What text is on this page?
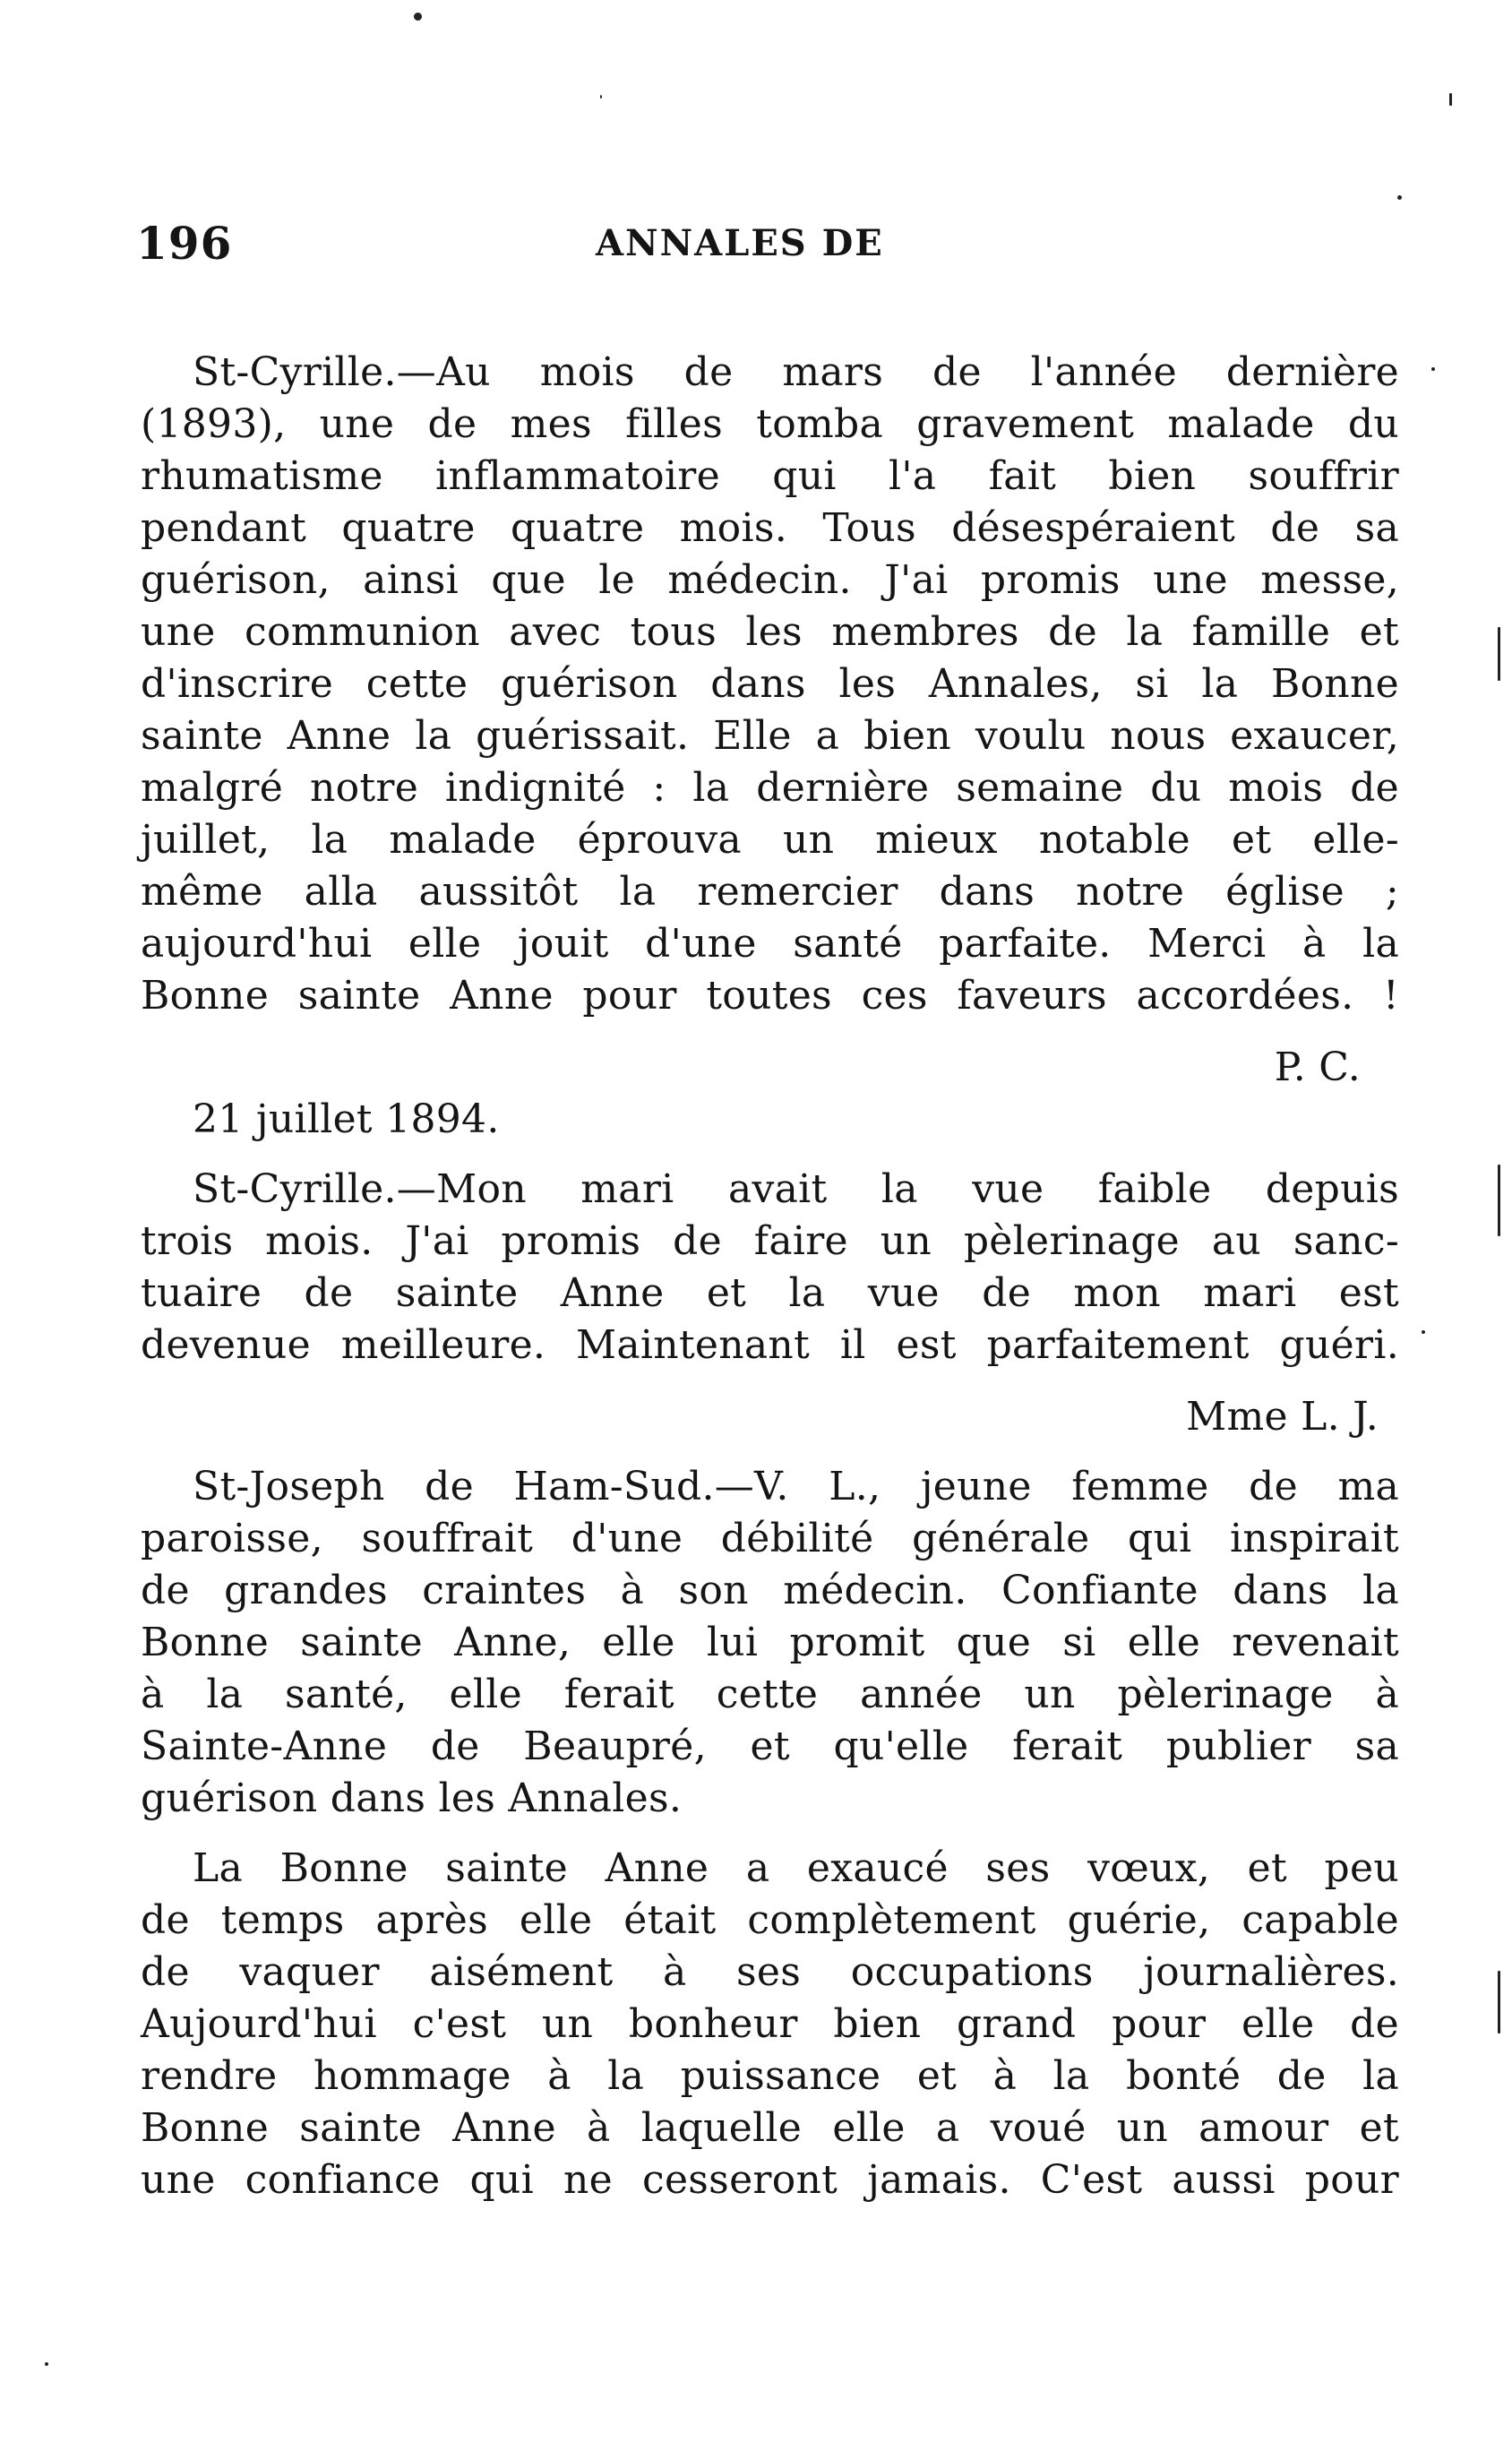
196	ANNALES DE
St-Cyrille.—Au mois de mars de l'année dernière
(1893), une de mes filles tomba gravement malade du
rhumatisme inflammatoire qui l'a fait bien souffrir
pendant quatre quatre mois. Tous désespéraient de sa
guérison, ainsi que le médecin. J'ai promis une messe,
une communion avec tous les membres de la famille et
d'inscrire cette guérison dans les Annales, si la Bonne
sainte Anne la guérissait. Elle a bien voulu nous exaucer,
malgré notre indignité : la dernière semaine du mois de
juillet, la malade éprouva un mieux notable et elle-
même alla aussitôt la remercier dans notre église ;
aujourd'hui elle jouit d'une santé parfaite. Merci à la
Bonne sainte Anne pour toutes ces faveurs accordées. !
P. C.
21 juillet 1894.
St-Cyrille.—Mon mari avait la vue faible depuis
trois mois. J'ai promis de faire un pèlerinage au sanc-
tuaire de sainte Anne et la vue de mon mari est
devenue meilleure. Maintenant il est parfaitement guéri.
Mme L. J.
St-Joseph de Ham-Sud.—V. L., jeune femme de ma
paroisse, souffrait d'une débilité générale qui inspirait
de grandes craintes à son médecin. Confiante dans la
Bonne sainte Anne, elle lui promit que si elle revenait
à la santé, elle ferait cette année un pèlerinage à
Sainte-Anne de Beaupré, et qu'elle ferait publier sa
guérison dans les Annales.
La Bonne sainte Anne a exaucé ses vœux, et peu
de temps après elle était complètement guérie, capable
de vaquer aisément à ses occupations journalières.
Aujourd'hui c'est un bonheur bien grand pour elle de
rendre hommage à la puissance et à la bonté de la
Bonne sainte Anne à laquelle elle a voué un amour et
une confiance qui ne cesseront jamais. C'est aussi pour
